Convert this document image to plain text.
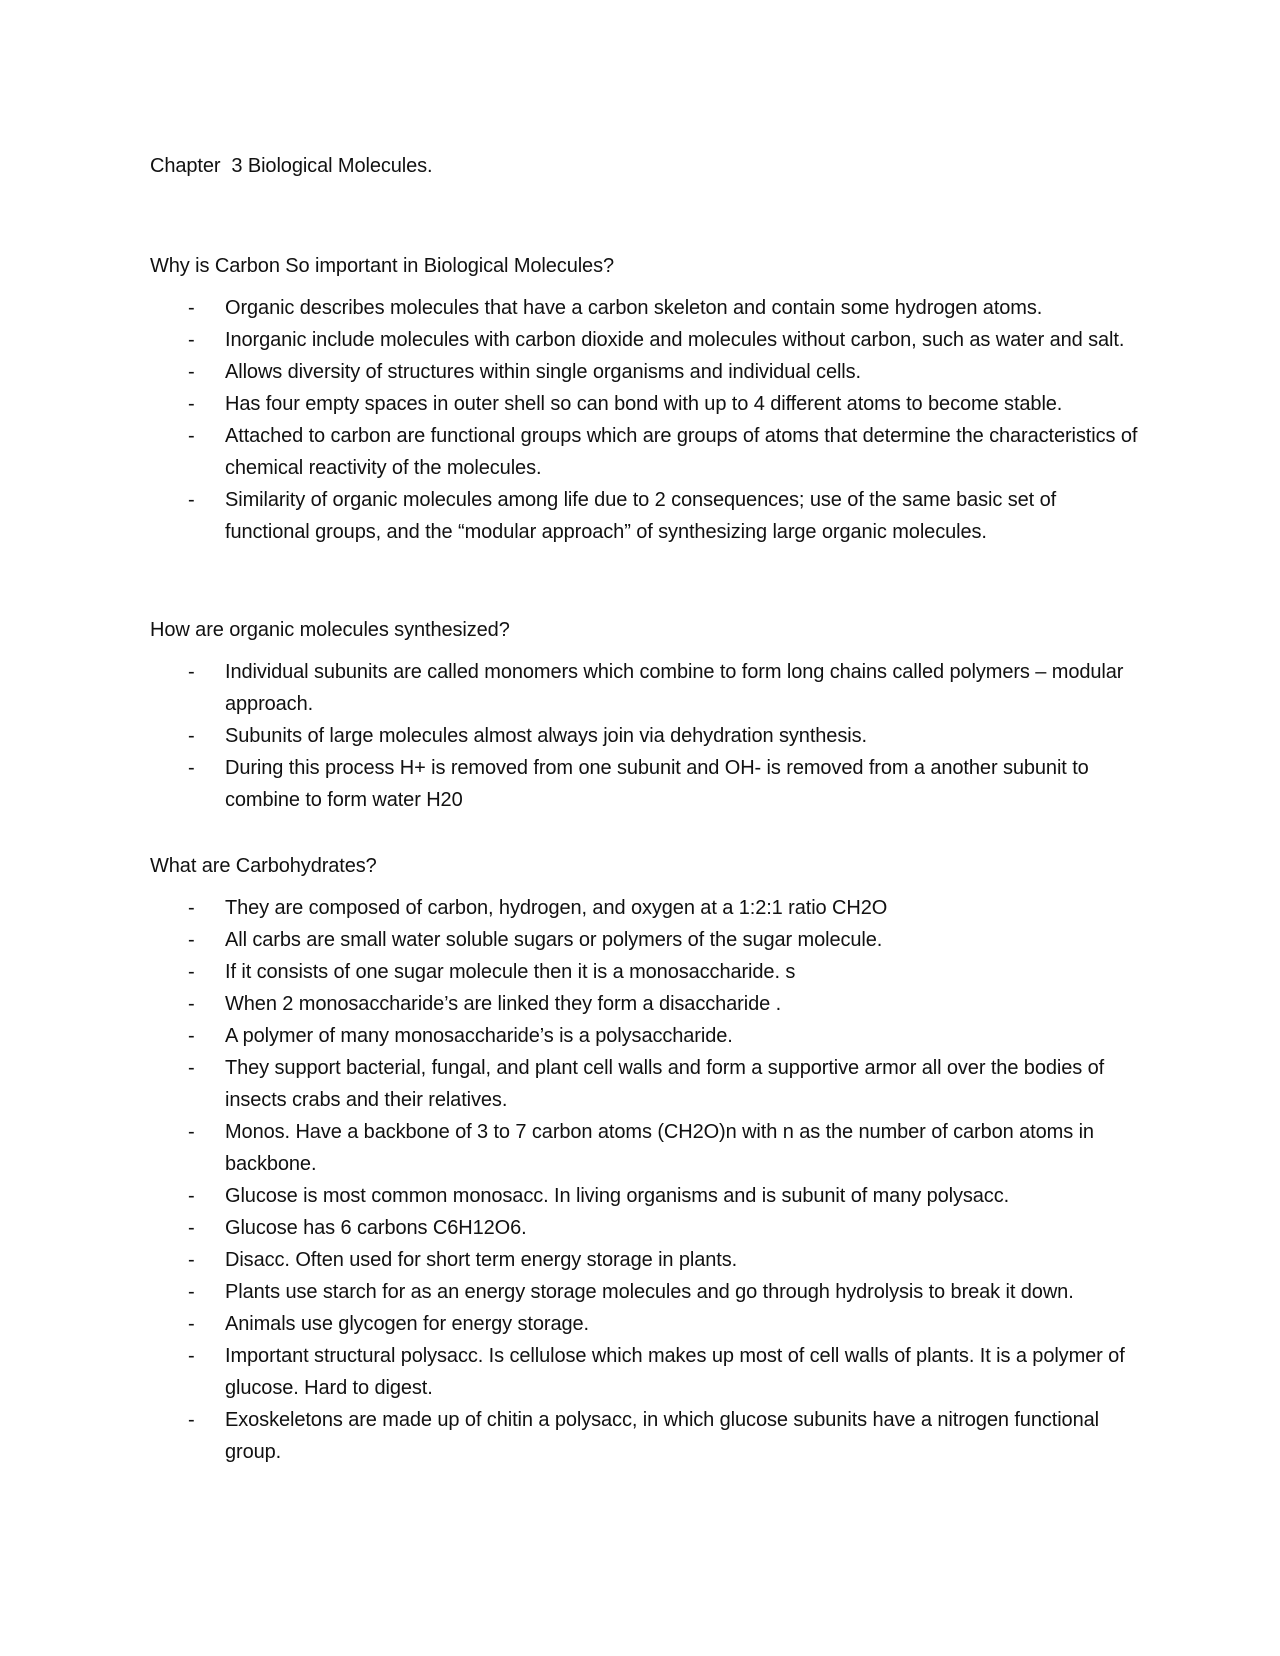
Chapter  3 Biological Molecules.
Why is Carbon So important in Biological Molecules?
- Organic describes molecules that have a carbon skeleton and contain some hydrogen atoms.
- Inorganic include molecules with carbon dioxide and molecules without carbon, such as water and salt.
- Allows diversity of structures within single organisms and individual cells.
- Has four empty spaces in outer shell so can bond with up to 4 different atoms to become stable.
- Attached to carbon are functional groups which are groups of atoms that determine the characteristics of chemical reactivity of the molecules.
- Similarity of organic molecules among life due to 2 consequences; use of the same basic set of functional groups, and the “modular approach” of synthesizing large organic molecules.
How are organic molecules synthesized?
- Individual subunits are called monomers which combine to form long chains called polymers – modular approach.
- Subunits of large molecules almost always join via dehydration synthesis.
- During this process H+ is removed from one subunit and OH- is removed from a another subunit to combine to form water H20
What are Carbohydrates?
- They are composed of carbon, hydrogen, and oxygen at a 1:2:1 ratio CH2O
- All carbs are small water soluble sugars or polymers of the sugar molecule.
- If it consists of one sugar molecule then it is a monosaccharide. s
- When 2 monosaccharide’s are linked they form a disaccharide .
- A polymer of many monosaccharide’s is a polysaccharide.
- They support bacterial, fungal, and plant cell walls and form a supportive armor all over the bodies of insects crabs and their relatives.
- Monos. Have a backbone of 3 to 7 carbon atoms (CH2O)n with n as the number of carbon atoms in backbone.
- Glucose is most common monosacc. In living organisms and is subunit of many polysacc.
- Glucose has 6 carbons C6H12O6.
- Disacc. Often used for short term energy storage in plants.
- Plants use starch for as an energy storage molecules and go through hydrolysis to break it down.
- Animals use glycogen for energy storage.
- Important structural polysacc. Is cellulose which makes up most of cell walls of plants. It is a polymer of glucose. Hard to digest.
- Exoskeletons are made up of chitin a polysacc, in which glucose subunits have a nitrogen functional group.
